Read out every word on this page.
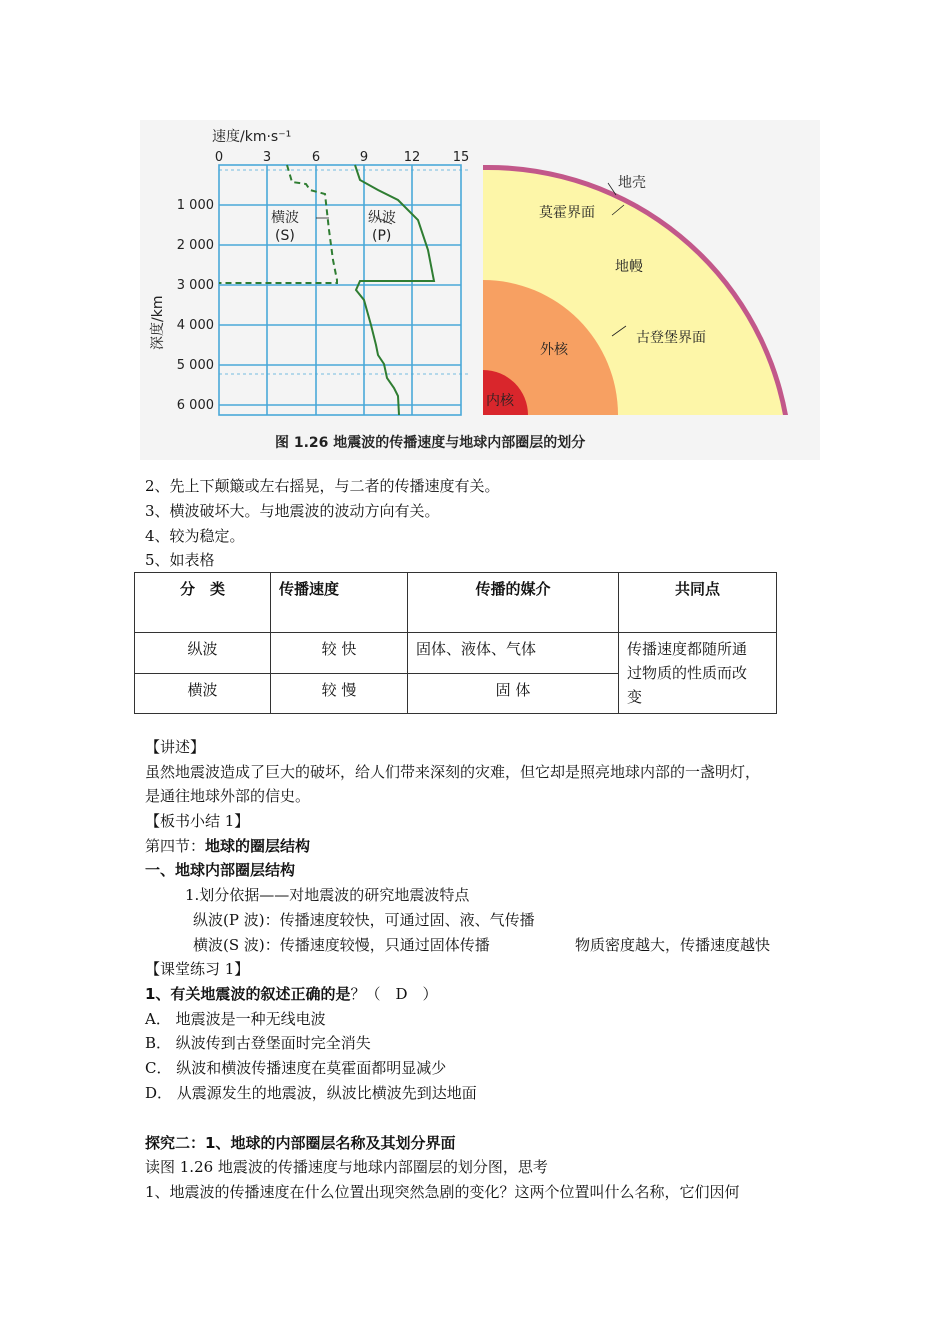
速度/km·s⁻¹
0	3	6	9	12 15
1 000
2 000
3 000
4 000
5 000
6 000
深度/km
横波
(S)
纵波
(P)
地壳
莫霍界面
地幔
古登堡界面
外核
内核
图 1.26 地震波的传播速度与地球内部圈层的划分
2、先上下颠簸或左右摇晃，与二者的传播速度有关。
3、横波破坏大。与地震波的波动方向有关。
4、较为稳定。
5、如表格
分　类	传播速度	传播的媒介	共同点
纵波	较 快	固体、液体、气体	传播速度都随所通
过物质的性质而改
变

横波	较 慢	固 体	
【讲述】
虽然地震波造成了巨大的破坏，给人们带来深刻的灾难，但它却是照亮地球内部的一盏明灯，
是通往地球外部的信史。
【板书小结 1】
第四节：地球的圈层结构
一、地球内部圈层结构
1.划分依据——对地震波的研究地震波特点
纵波(P 波)：传播速度较快，可通过固、液、气传播
横波(S 波)：传播速度较慢，只通过固体传播	物质密度越大，传播速度越快
【课堂练习 1】
1、有关地震波的叙述正确的是？（　D　）
A． 地震波是一种无线电波
B． 纵波传到古登堡面时完全消失
C． 纵波和横波传播速度在莫霍面都明显减少
D． 从震源发生的地震波，纵波比横波先到达地面
探究二：1、地球的内部圈层名称及其划分界面
读图 1.26 地震波的传播速度与地球内部圈层的划分图，思考
1、地震波的传播速度在什么位置出现突然急剧的变化？这两个位置叫什么名称，它们因何
